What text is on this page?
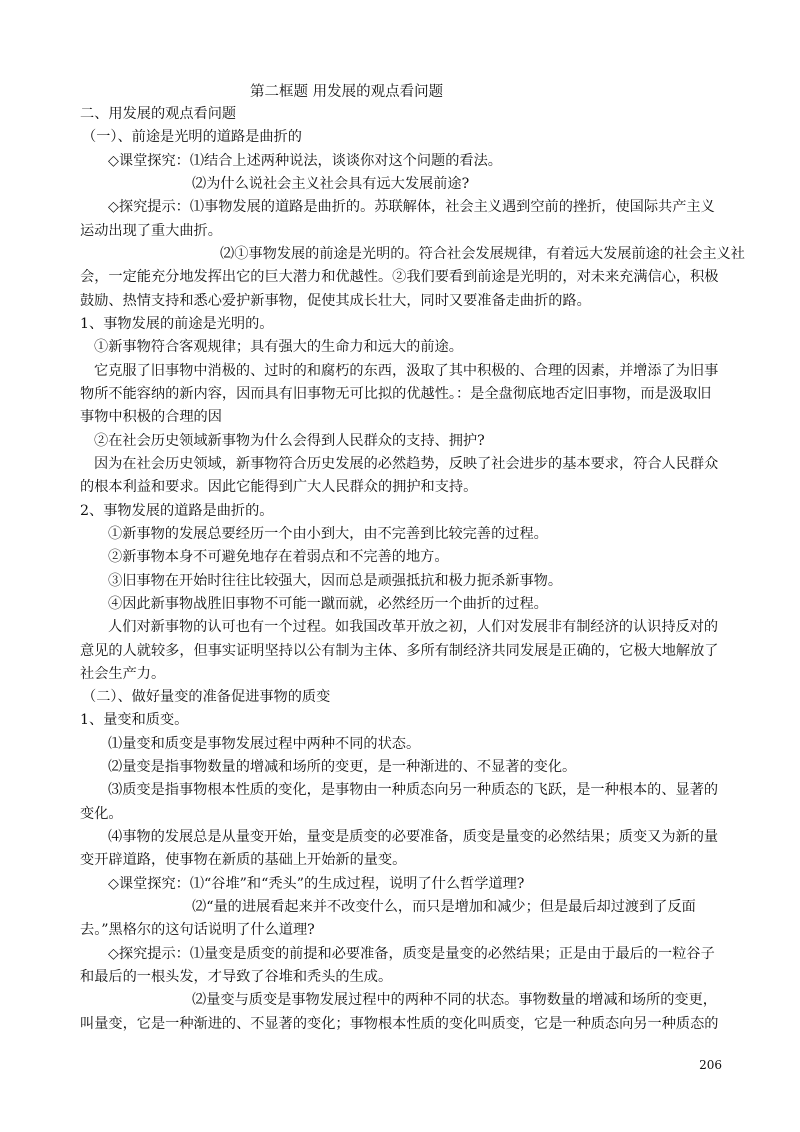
第二框题 用发展的观点看问题
二、用发展的观点看问题
（一）、前途是光明的道路是曲折的
◇课堂探究：⑴结合上述两种说法，谈谈你对这个问题的看法。
⑵为什么说社会主义社会具有远大发展前途?
◇探究提示：⑴事物发展的道路是曲折的。苏联解体，社会主义遇到空前的挫折，使国际共产主义
运动出现了重大曲折。
⑵①事物发展的前途是光明的。符合社会发展规律，有着远大发展前途的社会主义社
会，一定能充分地发挥出它的巨大潜力和优越性。②我们要看到前途是光明的，对未来充满信心，积极
鼓励、热情支持和悉心爱护新事物，促使其成长壮大，同时又要准备走曲折的路。
1、事物发展的前途是光明的。
①新事物符合客观规律；具有强大的生命力和远大的前途。
它克服了旧事物中消极的、过时的和腐朽的东西，汲取了其中积极的、合理的因素，并增添了为旧事
物所不能容纳的新内容，因而具有旧事物无可比拟的优越性。：是全盘彻底地否定旧事物，而是汲取旧
事物中积极的合理的因
②在社会历史领域新事物为什么会得到人民群众的支持、拥护?
因为在社会历史领域，新事物符合历史发展的必然趋势，反映了社会进步的基本要求，符合人民群众
的根本利益和要求。因此它能得到广大人民群众的拥护和支持。
2、事物发展的道路是曲折的。
①新事物的发展总要经历一个由小到大，由不完善到比较完善的过程。
②新事物本身不可避免地存在着弱点和不完善的地方。
③旧事物在开始时往往比较强大，因而总是顽强抵抗和极力扼杀新事物。
④因此新事物战胜旧事物不可能一蹴而就，必然经历一个曲折的过程。
人们对新事物的认可也有一个过程。如我国改革开放之初，人们对发展非有制经济的认识持反对的
意见的人就较多，但事实证明坚持以公有制为主体、多所有制经济共同发展是正确的，它极大地解放了
社会生产力。
（二）、做好量变的准备促进事物的质变
1、量变和质变。
⑴量变和质变是事物发展过程中两种不同的状态。
⑵量变是指事物数量的增减和场所的变更，是一种渐进的、不显著的变化。
⑶质变是指事物根本性质的变化，是事物由一种质态向另一种质态的飞跃，是一种根本的、显著的
变化。
⑷事物的发展总是从量变开始，量变是质变的必要准备，质变是量变的必然结果；质变又为新的量
变开辟道路，使事物在新质的基础上开始新的量变。
◇课堂探究：⑴“谷堆”和“秃头”的生成过程，说明了什么哲学道理?
⑵“量的进展看起来并不改变什么，而只是增加和减少；但是最后却过渡到了反面
去。”黑格尔的这句话说明了什么道理?
◇探究提示：⑴量变是质变的前提和必要准备，质变是量变的必然结果；正是由于最后的一粒谷子
和最后的一根头发，才导致了谷堆和秃头的生成。
⑵量变与质变是事物发展过程中的两种不同的状态。事物数量的增减和场所的变更，
叫量变，它是一种渐进的、不显著的变化；事物根本性质的变化叫质变，它是一种质态向另一种质态的
206
